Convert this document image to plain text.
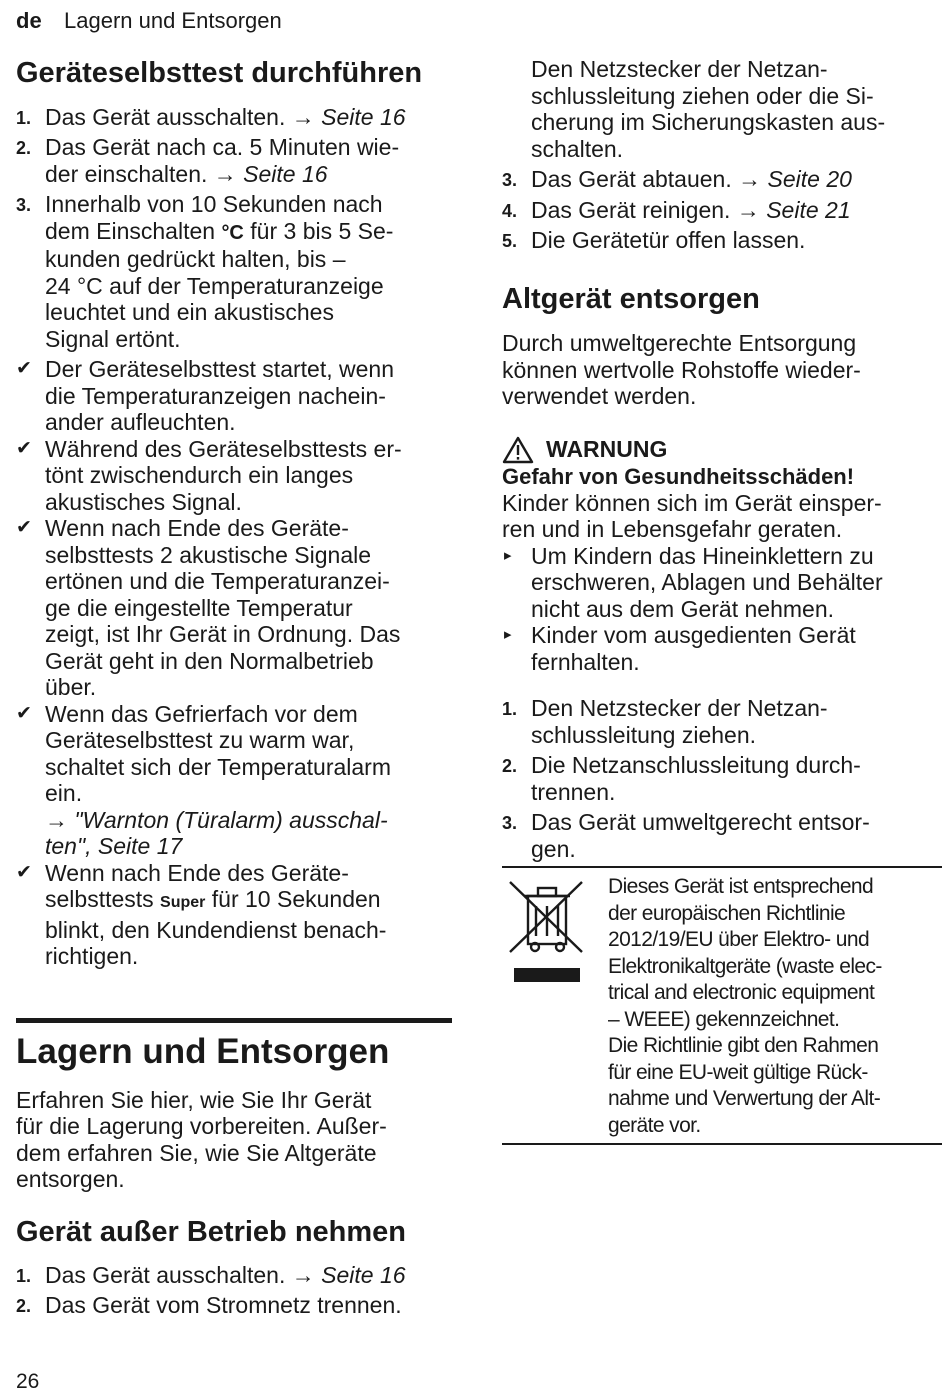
de Lagern und Entsorgen
Geräteselbsttest durchführen
1. Das Gerät ausschalten. → Seite 16
2. Das Gerät nach ca. 5 Minuten wie-
der einschalten. → Seite 16
3. Innerhalb von 10 Sekunden nach
dem Einschalten °C für 3 bis 5 Se-
kunden gedrückt halten, bis –
24 °C auf der Temperaturanzeige
leuchtet und ein akustisches
Signal ertönt.
✔ Der Geräteselbsttest startet, wenn
die Temperaturanzeigen nachein-
ander aufleuchten.
✔ Während des Geräteselbsttests er-
tönt zwischendurch ein langes
akustisches Signal.
✔ Wenn nach Ende des Geräte-
selbsttests 2 akustische Signale
ertönen und die Temperaturanzei-
ge die eingestellte Temperatur
zeigt, ist Ihr Gerät in Ordnung. Das
Gerät geht in den Normalbetrieb
über.
✔ Wenn das Gefrierfach vor dem
Geräteselbsttest zu warm war,
schaltet sich der Temperaturalarm
ein.
→ "Warnton (Türalarm) ausschal-
ten", Seite 17
✔ Wenn nach Ende des Geräte-
selbsttests Super für 10 Sekunden
blinkt, den Kundendienst benach-
richtigen.
Lagern und Entsorgen
Erfahren Sie hier, wie Sie Ihr Gerät
für die Lagerung vorbereiten. Außer-
dem erfahren Sie, wie Sie Altgeräte
entsorgen.
Gerät außer Betrieb nehmen
1. Das Gerät ausschalten. → Seite 16
2. Das Gerät vom Stromnetz trennen.
Den Netzstecker der Netzan-
schlussleitung ziehen oder die Si-
cherung im Sicherungskasten aus-
schalten.
3. Das Gerät abtauen. → Seite 20
4. Das Gerät reinigen. → Seite 21
5. Die Gerätetür offen lassen.
Altgerät entsorgen
Durch umweltgerechte Entsorgung
können wertvolle Rohstoffe wieder-
verwendet werden.
WARNUNG
Gefahr von Gesundheitsschäden!
Kinder können sich im Gerät einsper-
ren und in Lebensgefahr geraten.
▸ Um Kindern das Hineinklettern zu
erschweren, Ablagen und Behälter
nicht aus dem Gerät nehmen.
▸ Kinder vom ausgedienten Gerät
fernhalten.
1. Den Netzstecker der Netzan-
schlussleitung ziehen.
2. Die Netzanschlussleitung durch-
trennen.
3. Das Gerät umweltgerecht entsor-
gen.
Dieses Gerät ist entsprechend
der europäischen Richtlinie
2012/19/EU über Elektro- und
Elektronikaltgeräte (waste elec-
trical and electronic equipment
– WEEE) gekennzeichnet.
Die Richtlinie gibt den Rahmen
für eine EU-weit gültige Rück-
nahme und Verwertung der Alt-
geräte vor.
26
